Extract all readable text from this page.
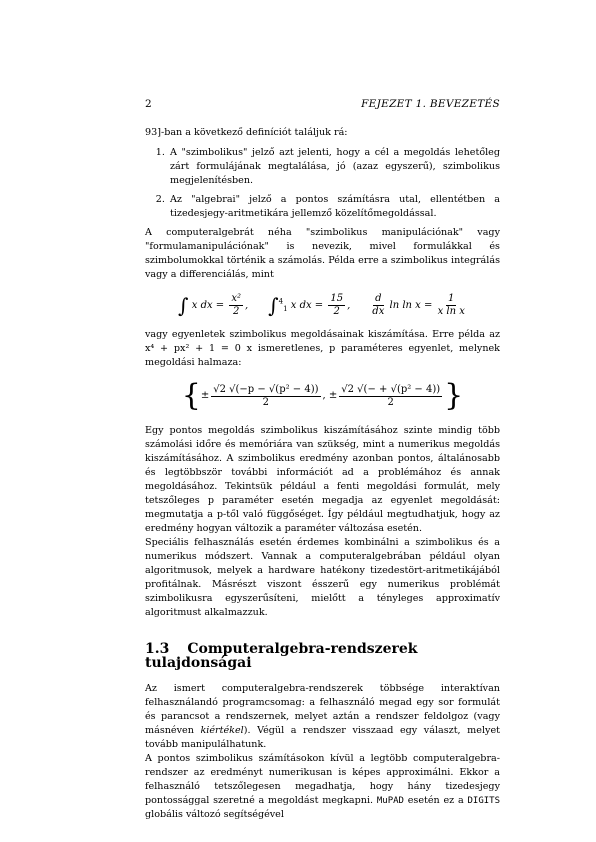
2	FEJEZET 1. BEVEZETÉS

93]-ban a következő definíciót találjuk rá:

1. A "szimbolikus" jelző azt jelenti, hogy a cél a megoldás lehetőleg zárt formulájának megtalálása, jó (azaz egyszerű), szimbolikus megjelenítésben.
2. Az "algebrai" jelző a pontos számításra utal, ellentétben a tizedesjegy-aritmetikára jellemző közelítőmegoldással.

A computeralgebrát néha "szimbolikus manipulációnak" vagy "formulamanipulációnak" is nevezik, mivel formulákkal és szimbolumokkal történik a számolás. Példa erre a szimbolikus integrálás vagy a differenciálás, mint

∫ x dx = $\frac{\text{x²}}{2}$ , ∫$^4_1$ x dx = $\frac{15}{2}$ , $\frac{d}{dx}$ $\ln \ln x = \frac{1}{\text{x ln x}}$

vagy egyenletek szimbolikus megoldásainak kiszámítása. Erre példa az x⁴ + px² + 1 = 0 x ismeretlenes, p paraméteres egyenlet, melynek megoldási halmaza:

{ ± $\frac{\text{√2 √(−p − √(p² − 4))}}{2}$ , ± $\frac{\text{√2 √(− + √(p² − 4))}}{2}$ }

Egy pontos megoldás szimbolikus kiszámításához szinte mindig több számolási időre és memóriára van szükség, mint a numerikus megoldás kiszámításához. A szimbolikus eredmény azonban pontos, általánosabb és legtöbbször további információt ad a problémához és annak megoldásához. Tekintsük például a fenti megoldási formulát, mely tetszőleges p paraméter esetén megadja az egyenlet megoldását: megmutatja a p-től való függőséget. Így például megtudhatjuk, hogy az eredmény hogyan változik a paraméter változása esetén.

Speciális felhasználás esetén érdemes kombinálni a szimbolikus és a numerikus módszert. Vannak a computeralgebrában például olyan algoritmusok, melyek a hardware hatékony tizedestört-aritmetikájából profitálnak. Másrészt viszont ésszerű egy numerikus problémát szimbolikusra egyszerűsíteni, mielőtt a tényleges approximatív algoritmust alkalmazzuk.

1.3 Computeralgebra-rendszerek tulajdonságai

Az ismert computeralgebra-rendszerek többsége interaktívan felhasználandó programcsomag: a felhasználó megad egy sor formulát és parancsot a rendszernek, melyet aztán a rendszer feldolgoz (vagy másnéven kiértékel). Végül a rendszer visszaad egy választ, melyet tovább manipulálhatunk.

A pontos szimbolikus számításokon kívül a legtöbb computeralgebra-rendszer az eredményt numerikusan is képes approximálni. Ekkor a felhasználó tetszőlegesen megadhatja, hogy hány tizedesjegy pontossággal szeretné a megoldást megkapni. MuPAD esetén ez a DIGITS globális változó segítségével
